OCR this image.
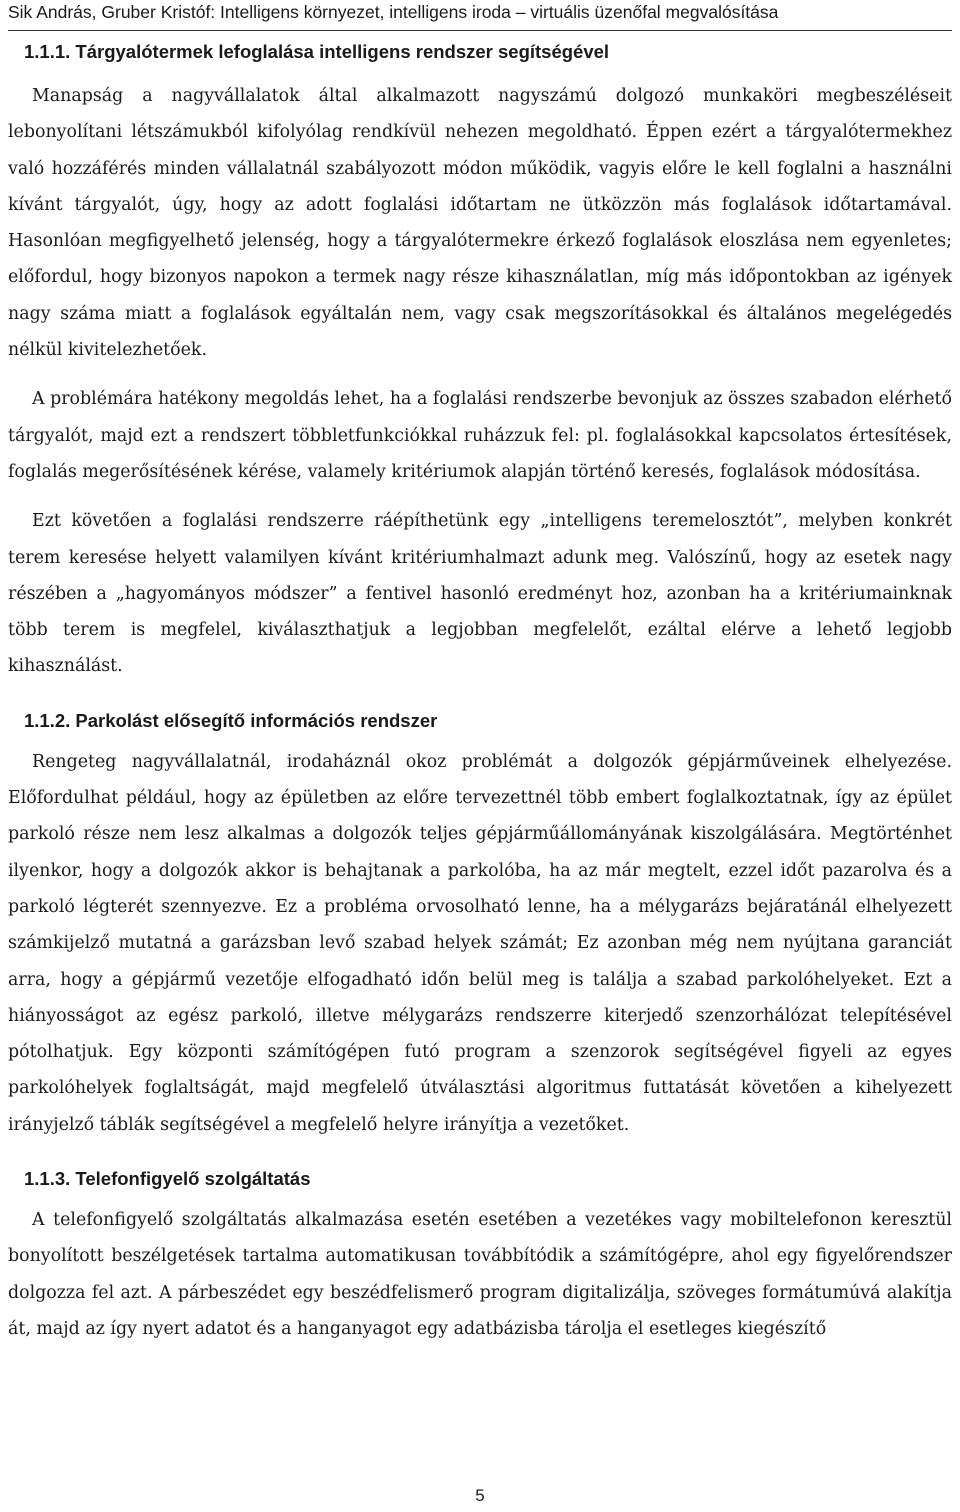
Sik András, Gruber Kristóf: Intelligens környezet, intelligens iroda – virtuális üzenőfal megvalósítása
1.1.1. Tárgyalótermek lefoglalása intelligens rendszer segítségével

Manapság a nagyvállalatok által alkalmazott nagyszámú dolgozó munkaköri megbeszéléseit lebonyolítani létszámukból kifolyólag rendkívül nehezen megoldható. Éppen ezért a tárgyalótermekhez való hozzáférés minden vállalatnál szabályozott módon működik, vagyis előre le kell foglalni a használni kívánt tárgyalót, úgy, hogy az adott foglalási időtartam ne ütközzön más foglalások időtartamával. Hasonlóan megfigyelhető jelenség, hogy a tárgyalótermekre érkező foglalások eloszlása nem egyenletes; előfordul, hogy bizonyos napokon a termek nagy része kihasználatlan, míg más időpontokban az igények nagy száma miatt a foglalások egyáltalán nem, vagy csak megszorításokkal és általános megelégedés nélkül kivitelezhetőek.

A problémára hatékony megoldás lehet, ha a foglalási rendszerbe bevonjuk az összes szabadon elérhető tárgyalót, majd ezt a rendszert többletfunkciókkal ruházzuk fel: pl. foglalásokkal kapcsolatos értesítések, foglalás megerősítésének kérése, valamely kritériumok alapján történő keresés, foglalások módosítása.

Ezt követően a foglalási rendszerre ráépíthetünk egy „intelligens teremelosztót”, melyben konkrét terem keresése helyett valamilyen kívánt kritériumhalmazt adunk meg. Valószínű, hogy az esetek nagy részében a „hagyományos módszer” a fentivel hasonló eredményt hoz, azonban ha a kritériumainknak több terem is megfelel, kiválaszthatjuk a legjobban megfelelőt, ezáltal elérve a lehető legjobb kihasználást.

1.1.2. Parkolást elősegítő információs rendszer

Rengeteg nagyvállalatnál, irodaháznál okoz problémát a dolgozók gépjárműveinek elhelyezése. Előfordulhat például, hogy az épületben az előre tervezettnél több embert foglalkoztatnak, így az épület parkoló része nem lesz alkalmas a dolgozók teljes gépjárműállományának kiszolgálására. Megtörténhet ilyenkor, hogy a dolgozók akkor is behajtanak a parkolóba, ha az már megtelt, ezzel időt pazarolva és a parkoló légterét szennyezve. Ez a probléma orvosolható lenne, ha a mélygarázs bejáratánál elhelyezett számkijelző mutatná a garázsban levő szabad helyek számát; Ez azonban még nem nyújtana garanciát arra, hogy a gépjármű vezetője elfogadható időn belül meg is találja a szabad parkolóhelyeket. Ezt a hiányosságot az egész parkoló, illetve mélygarázs rendszerre kiterjedő szenzorhálózat telepítésével pótolhatjuk. Egy központi számítógépen futó program a szenzorok segítségével figyeli az egyes parkolóhelyek foglaltságát, majd megfelelő útválasztási algoritmus futtatását követően a kihelyezett irányjelző táblák segítségével a megfelelő helyre irányítja a vezetőket.

1.1.3. Telefonfigyelő szolgáltatás

A telefonfigyelő szolgáltatás alkalmazása esetén esetében a vezetékes vagy mobiltelefonon keresztül bonyolított beszélgetések tartalma automatikusan továbbítódik a számítógépre, ahol egy figyelőrendszer dolgozza fel azt. A párbeszédet egy beszédfelismerő program digitalizálja, szöveges formátumúvá alakítja át, majd az így nyert adatot és a hanganyagot egy adatbázisba tárolja el esetleges kiegészítő

5
